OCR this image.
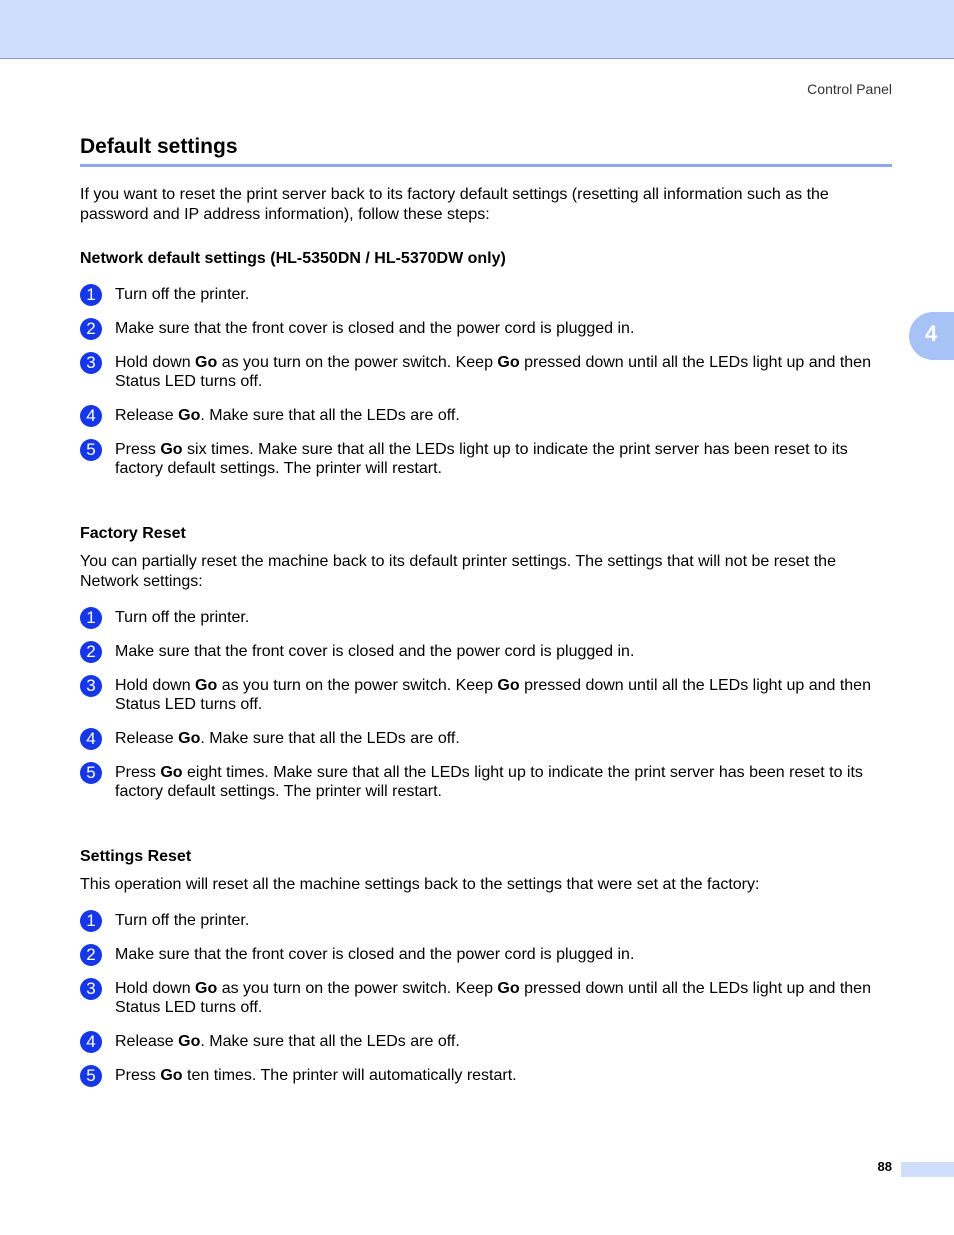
Control Panel
4
Default settings

If you want to reset the print server back to its factory default settings (resetting all information such as the password and IP address information), follow these steps:

Network default settings (HL-5350DN / HL-5370DW only)
1	Turn off the printer.
2	Make sure that the front cover is closed and the power cord is plugged in.
3	Hold down Go as you turn on the power switch. Keep Go pressed down until all the LEDs light up and then Status LED turns off.
4	Release Go. Make sure that all the LEDs are off.
5	Press Go six times. Make sure that all the LEDs light up to indicate the print server has been reset to its factory default settings. The printer will restart.
Factory Reset

You can partially reset the machine back to its default printer settings. The settings that will not be reset the Network settings:

1	Turn off the printer.
2	Make sure that the front cover is closed and the power cord is plugged in.
3	Hold down Go as you turn on the power switch. Keep Go pressed down until all the LEDs light up and then Status LED turns off.
4	Release Go. Make sure that all the LEDs are off.
5	Press Go eight times. Make sure that all the LEDs light up to indicate the print server has been reset to its factory default settings. The printer will restart.
Settings Reset

This operation will reset all the machine settings back to the settings that were set at the factory:

1	Turn off the printer.
2	Make sure that the front cover is closed and the power cord is plugged in.
3	Hold down Go as you turn on the power switch. Keep Go pressed down until all the LEDs light up and then Status LED turns off.
4	Release Go. Make sure that all the LEDs are off.
5	Press Go ten times. The printer will automatically restart.
88
